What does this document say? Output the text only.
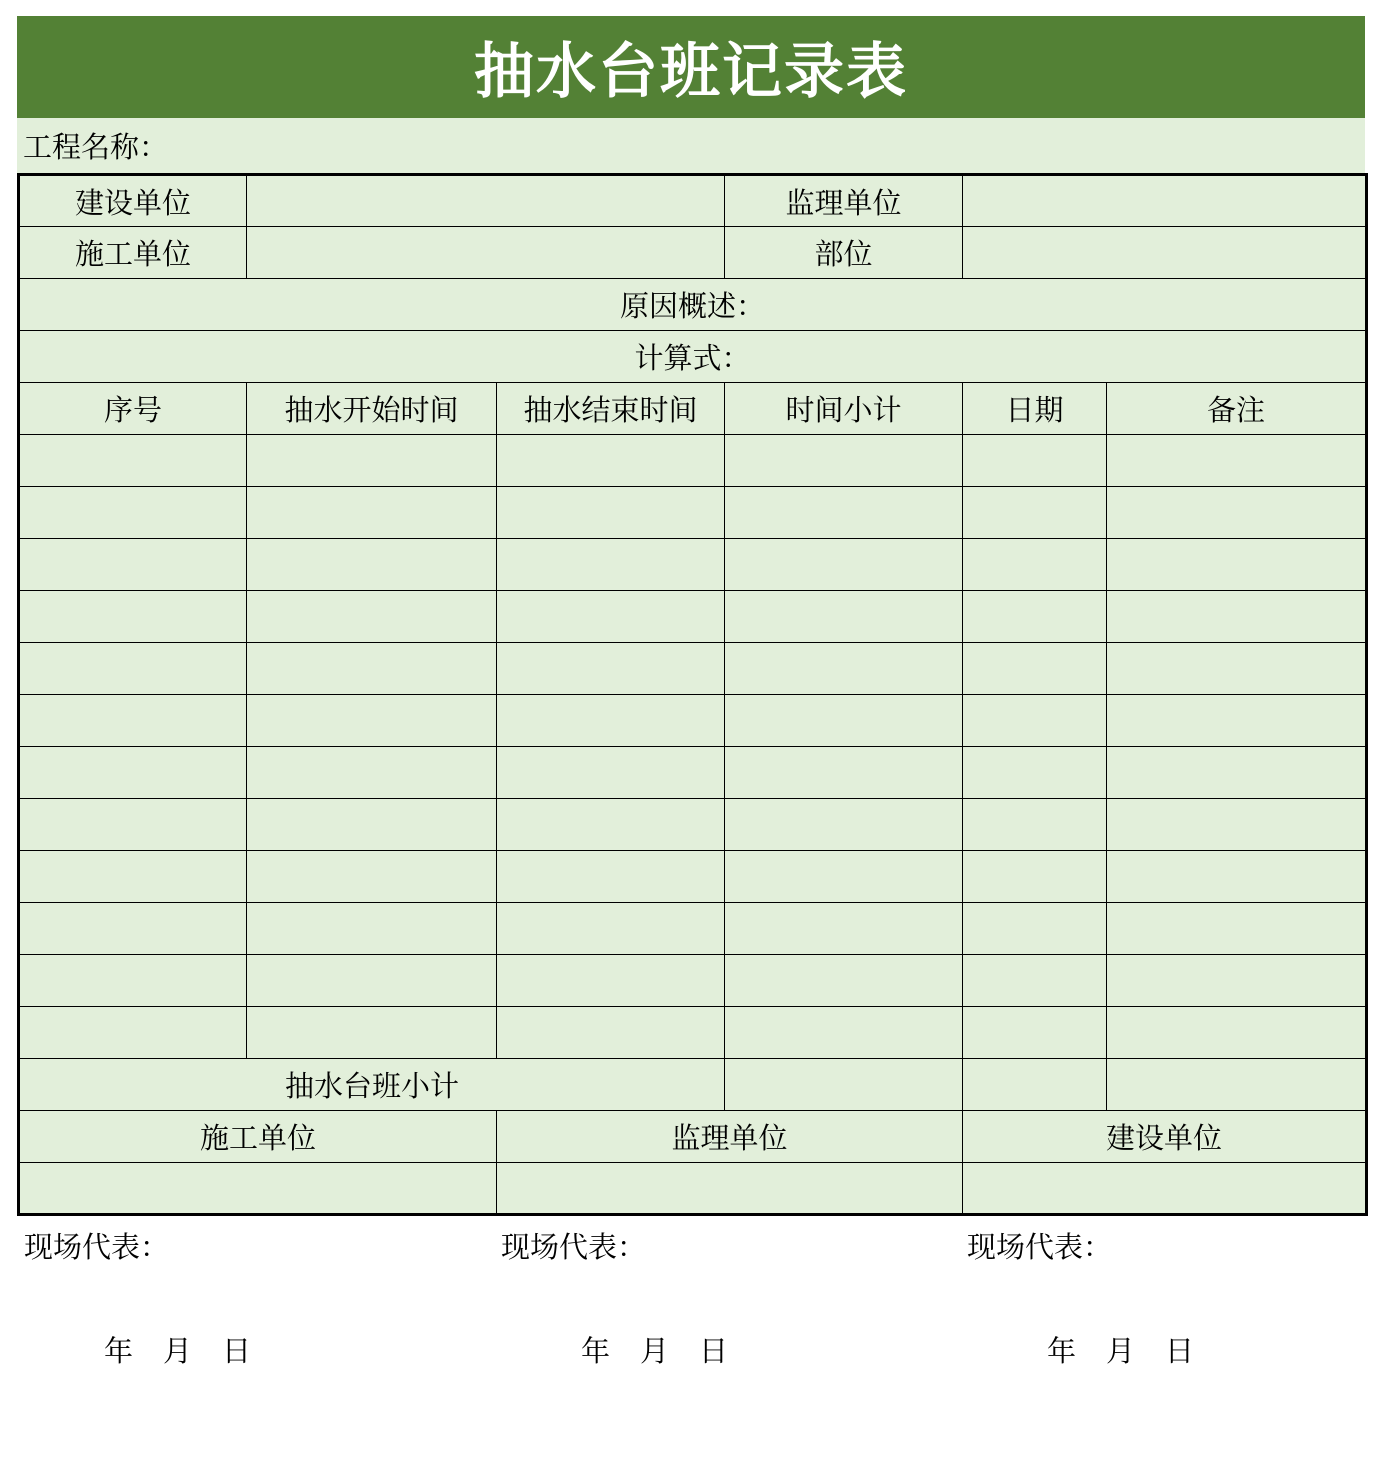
抽水台班记录表
工程名称：
建设单位			监理单位		
施工单位			部位		
原因概述：					
计算式：					
序号	抽水开始时间	抽水结束时间	时间小计	日期	备注

抽水台班小计					
施工单位		监理单位		建设单位	

现场代表：
年 月 日		现场代表：
年 月 日		现场代表：
年 月 日	
